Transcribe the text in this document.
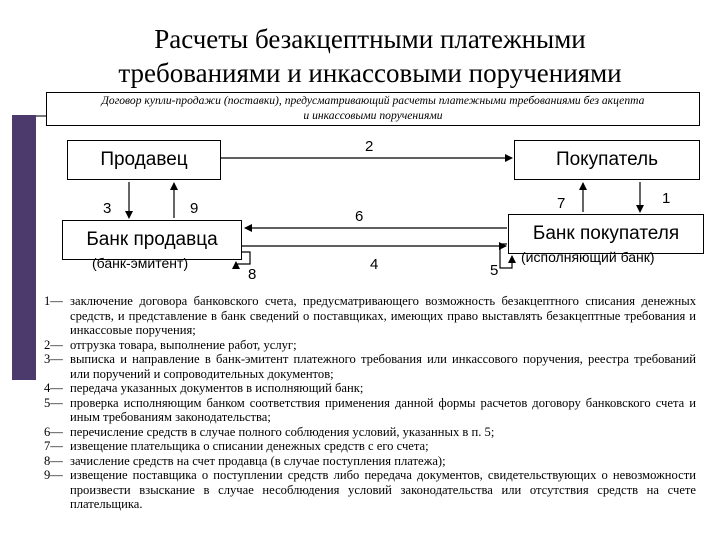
Расчеты безакцептными платежными
требованиями и инкассовыми поручениями
Договор купли-продажи (поставки), предусматривающий расчеты платежными требованиями без акцепта
и инкассовыми поручениями
Продавец	Покупатель
Банк продавца	Банк покупателя
(банк-эмитент)	(исполняющий банк)
1
2
3
4	5
6
7
8
9
1— заключение договора банковского счета, предусматривающего возможность безакцептного списания денежных средств, и представление в банк сведений о поставщиках, имеющих право выставлять безакцептные требования и инкассовые поручения;
2— отгрузка товара, выполнение работ, услуг;
3— выписка и направление в банк-эмитент платежного требования или инкассового поручения, реестра требований или поручений и сопроводительных документов;
4— передача указанных документов в исполняющий банк;
5— проверка исполняющим банком соответствия применения данной формы расчетов договору банковского счета и иным требованиям законодательства;
6— перечисление средств в случае полного соблюдения условий, указанных в п. 5;
7— извещение плательщика о списании денежных средств с его счета;
8— зачисление средств на счет продавца (в случае поступления платежа);
9— извещение поставщика о поступлении средств либо передача документов, свидетельствующих о невозможности произвести взыскание в случае несоблюдения условий законодательства или отсутствия средств на счете плательщика.
